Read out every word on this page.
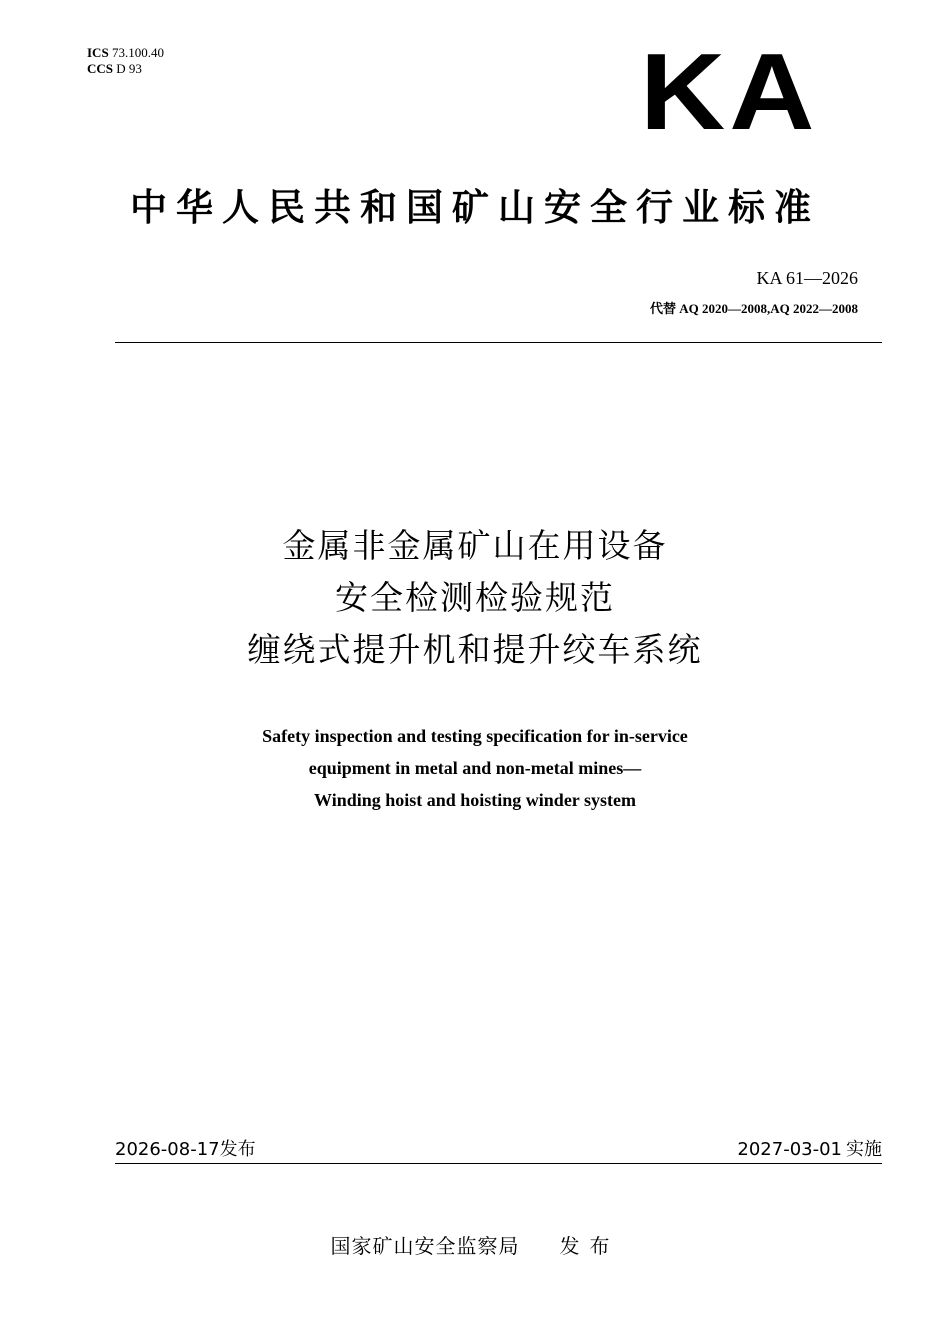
ICS 73.100.40
CCS D 93	KA
中华人民共和国矿山安全行业标准
KA 61—2026
代替 AQ 2020—2008,AQ 2022—2008
金属非金属矿山在用设备
安全检测检验规范
缠绕式提升机和提升绞车系统
Safety inspection and testing specification for in-service
equipment in metal and non-metal mines—
Winding hoist and hoisting winder system
2026-08-17发布	2027-03-01 实施
国家矿山安全监察局 发布
